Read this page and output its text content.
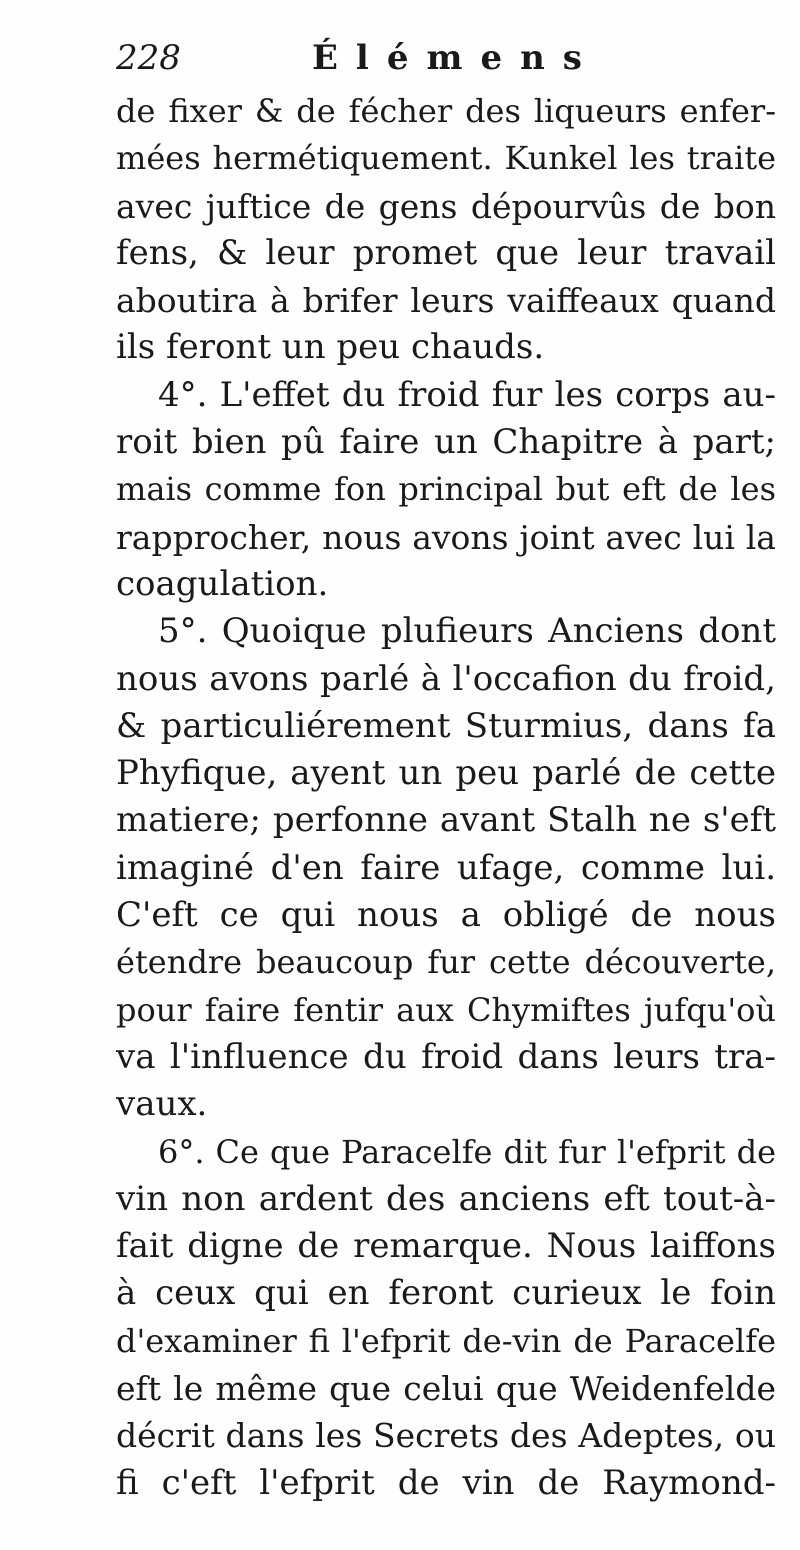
228	Élémens
de fixer & de fécher des liqueurs enfer-
mées hermétiquement. Kunkel les traite
avec juftice de gens dépourvûs de bon
fens, & leur promet que leur travail
aboutira à brifer leurs vaiffeaux quand
ils feront un peu chauds.
4°. L'effet du froid fur les corps au-
roit bien pû faire un Chapitre à part;
mais comme fon principal but eft de les
rapprocher, nous avons joint avec lui la
coagulation.
5°. Quoique plufieurs Anciens dont
nous avons parlé à l'occafion du froid,
& particuliérement Sturmius, dans fa
Phyfique, ayent un peu parlé de cette
matiere; perfonne avant Stalh ne s'eft
imaginé d'en faire ufage, comme lui.
C'eft ce qui nous a obligé de nous
étendre beaucoup fur cette découverte,
pour faire fentir aux Chymiftes jufqu'où
va l'influence du froid dans leurs tra-
vaux.
6°. Ce que Paracelfe dit fur l'efprit de
vin non ardent des anciens eft tout-à-
fait digne de remarque. Nous laiffons
à ceux qui en feront curieux le foin
d'examiner fi l'efprit de-vin de Paracelfe
eft le même que celui que Weidenfelde
décrit dans les Secrets des Adeptes, ou
fi c'eft l'efprit de vin de Raymond-
